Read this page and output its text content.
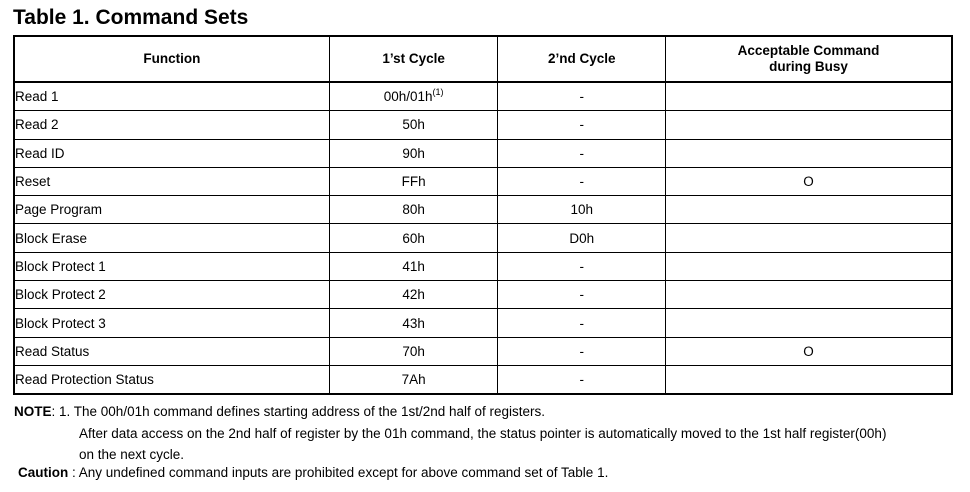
Table 1. Command Sets
Function	1’st Cycle	2’nd Cycle	Acceptable Command
during Busy
Read 1	$00h/01h^{(1)}$	-	
Read 2	50h	-	
Read ID	90h	-	
Reset	FFh	-	O
Page Program	80h	10h	
Block Erase	60h	D0h	
Block Protect 1	41h	-	
Block Protect 2	42h	-	
Block Protect 3	43h	-	
Read Status	70h	-	O
Read Protection Status	7Ah	-	
NOTE: 1. The 00h/01h command defines starting address of the 1st/2nd half of registers.
After data access on the 2nd half of register by the 01h command, the status pointer is automatically moved to the 1st half register(00h)
on the next cycle.
Caution : Any undefined command inputs are prohibited except for above command set of Table 1.
